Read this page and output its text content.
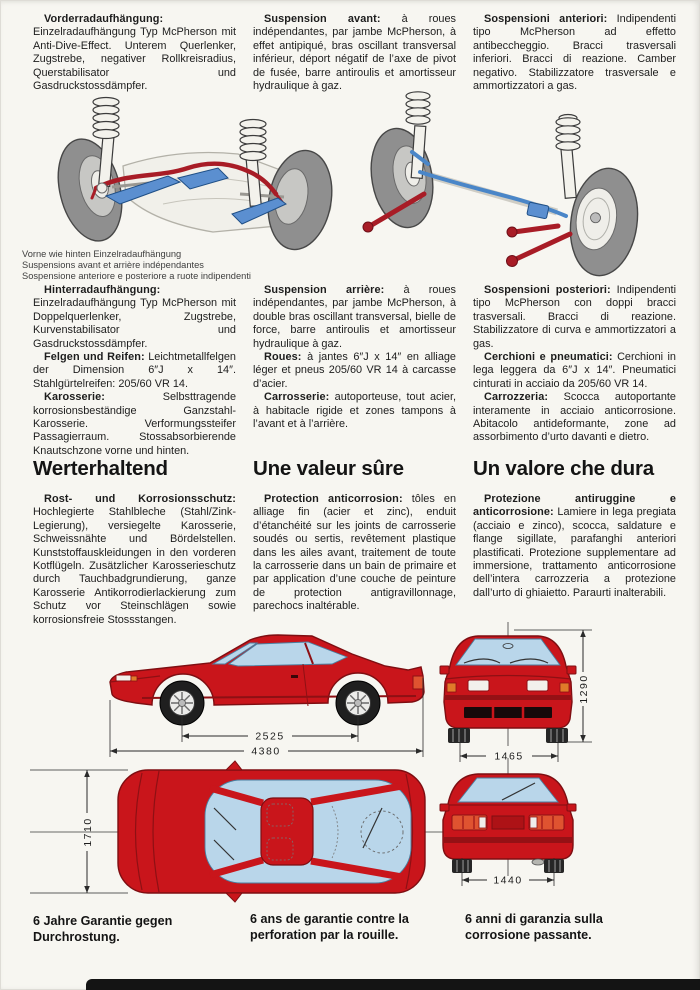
Vorderradaufhängung: Einzelradaufhängung Typ McPherson mit Anti-Dive-Effect. Unterem Querlenker, Zugstrebe, negativer Rollkreisradius, Querstabilisator und Gasdruckstossdämpfer.

Suspension avant: à roues indépendantes, par jambe McPherson, à effet antipiqué, bras oscillant transversal inférieur, déport négatif de l’axe de pivot de fusée, barre antiroulis et amortisseur hydraulique à gaz.

Sospensioni anteriori: Indipendenti tipo McPherson ad effetto antibeccheggio. Bracci trasversali inferiori. Bracci di reazione. Camber negativo. Stabilizzatore trasversale e ammortizzatori a gas.

Vorne wie hinten Einzelradaufhängung
Suspensions avant et arrière indépendantes
Sospensione anteriore e posteriore a ruote indipendenti

Hinterradaufhängung: Einzelradaufhängung Typ McPherson mit Doppelquerlenker, Zugstrebe, Kurvenstabilisator und Gasdruckstossdämpfer.

Felgen und Reifen: Leichtmetallfelgen der Dimension 6″J x 14″. Stahlgürtelreifen: 205/60 VR 14.

Karosserie:	Selbsttragende korrosionsbeständige Ganzstahl-Karosserie. Verformungssteifer Passagierraum. Stossabsorbierende Knautschzone vorne und hinten.

Suspension arrière: à roues indépendantes, par jambe McPherson, à double bras oscillant transversal, bielle de force, barre antiroulis et amortisseur hydraulique à gaz.

Roues: à jantes 6″J x 14″ en alliage léger et pneus 205/60 VR 14 à carcasse d’acier.

Carrosserie: autoporteuse, tout acier, à habitacle rigide et zones tampons à l’avant et à l’arrière.

Sospensioni posteriori: Indipendenti tipo McPherson con doppi bracci trasversali. Bracci di reazione. Stabilizzatore di curva e ammortizzatori a gas.

Cerchioni e pneumatici: Cerchioni in lega leggera da 6″J x 14″. Pneumatici cinturati in acciaio da 205/60 VR 14.

Carrozzeria: Scocca autoportante interamente in acciaio anticorrosione. Abitacolo antideformante, zone ad assorbimento d’urto davanti e dietro.

Werterhaltend

Rost- und Korrosionsschutz: Hochlegierte Stahlbleche (Stahl/Zink-Legierung), versiegelte Karosserie, Schweissnähte und Bördelstellen. Kunststoffauskleidungen in den vorderen Kotflügeln. Zusätzlicher Karosserieschutz durch Tauchbadgrundierung, ganze Karosserie Antikorrodierlackierung zum Schutz vor Steinschlägen sowie korrosionsfreie Stossstangen.

Une valeur sûre

Protection anticorrosion: tôles en alliage fin (acier et zinc), enduit d’étanchéité sur les joints de carrosserie soudés ou sertis, revêtement plastique dans les ailes avant, traitement de toute la carrosserie dans un bain de primaire et par application d’une couche de peinture de protection antigravillonnage, parechocs inaltérable.

Un valore che dura

Protezione antiruggine e anticorrosione: Lamiere in lega pregiata (acciaio e zinco), scocca, saldature e flange sigillate, parafanghi anteriori plastificati. Protezione supplementare ad immersione, trattamento anticorrosione dell’intera carrozzeria a protezione dall’urto di ghiaietto. Paraurti inalterabili.

2525
4380
1290
1465
1710
1440
6 Jahre Garantie gegen
Durchrostung.
6 ans de garantie contre la
perforation par la rouille.
6 anni di garanzia sulla
corrosione passante.
